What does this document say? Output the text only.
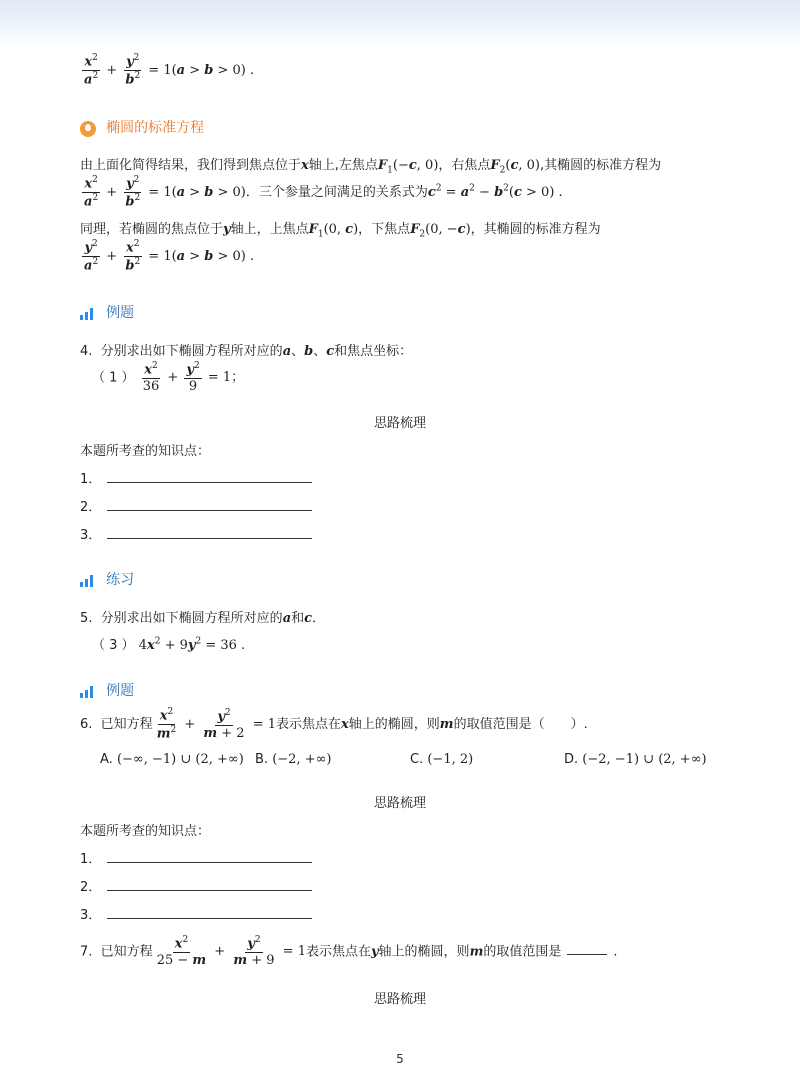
$\frac{x^2}{a^2} + \frac{y^2}{b^2} = 1(a > b > 0)$ .
椭圆的标准方程
由上面化简得结果，我们得到焦点位于x轴上,左焦点$F_1(-c$, 0)，右焦点$F_2(c$, 0),其椭圆的标准方程为
$\frac{x^2}{a^2} + \frac{y^2}{b^2} = 1(a > b > 0)$．三个参量之间满足的关系式为$c^2 = a^2 - b^2(c > 0)$ .
同理，若椭圆的焦点位于y轴上，上焦点$F_1(0$, c)，下焦点$F_2(0$, −c)，其椭圆的标准方程为
$\frac{y^2}{a^2} + \frac{x^2}{b^2} = 1(a > b > 0)$ .
例题
4. 分别求出如下椭圆方程所对应的a、b、c和焦点坐标：
（ 1 ） $\frac{x^2}{36} + \frac{y^2}{9} = 1$；
思路梳理
本题所考查的知识点：
1．
2．
3．
练习
5. 分别求出如下椭圆方程所对应的a和c．
（ 3 ） $4x^2 + 9y^2 = 36$ .
例题
6. 已知方程 $\frac{x^2}{m^2} + \frac{y^2}{m + 2} = 1$表示焦点在x轴上的椭圆，则m的取值范围是（　　）.
A. (−∞, −1) ∪ (2, +∞) B. (−2, +∞)	C. (−1, 2)	D. (−2, −1) ∪ (2, +∞)
思路梳理
本题所考查的知识点：
1．
2．
3．
7. 已知方程 $\frac{x^2}{25 - m} + \frac{y^2}{m + 9} = 1$表示焦点在y轴上的椭圆，则m的取值范围是	.
思路梳理
5
